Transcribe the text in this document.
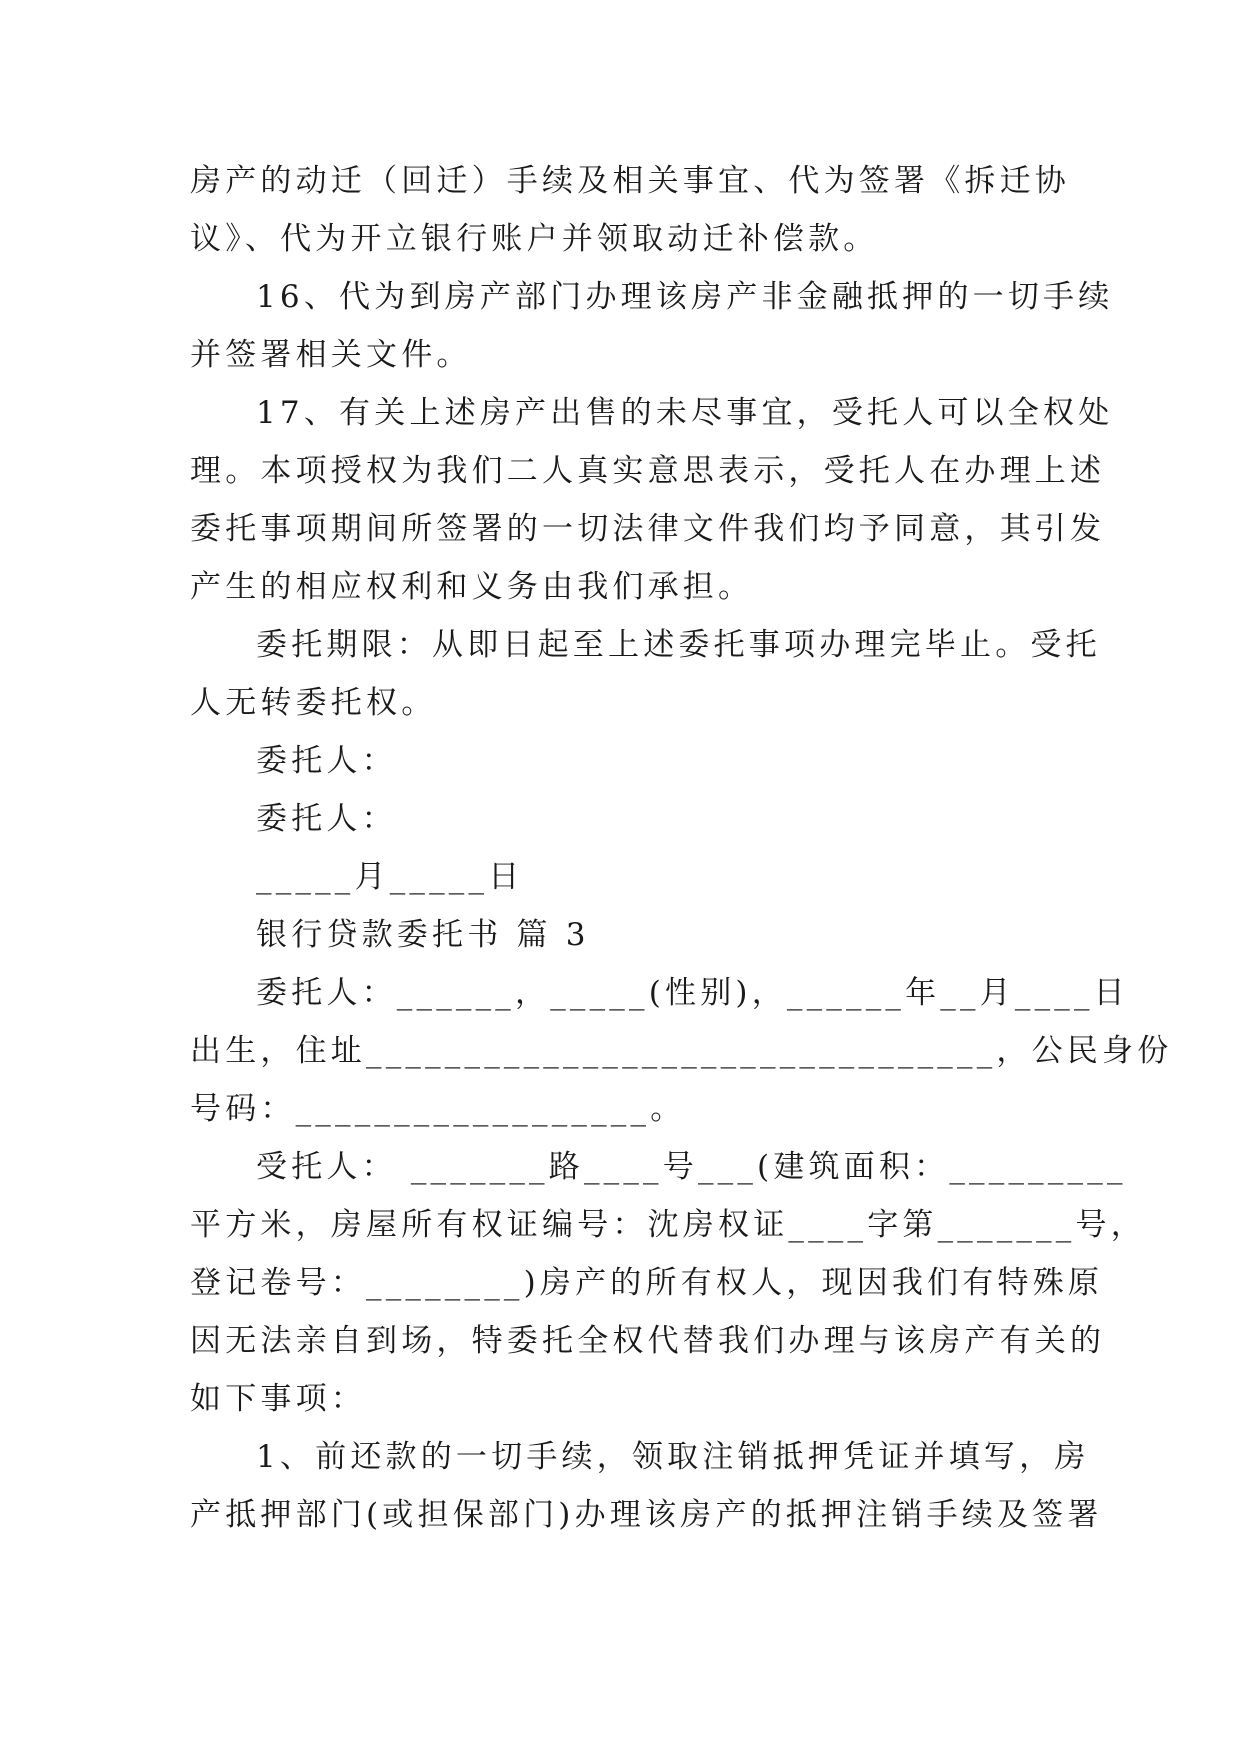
房产的动迁（回迁）手续及相关事宜、代为签署《拆迁协
议》、代为开立银行账户并领取动迁补偿款。
16、代为到房产部门办理该房产非金融抵押的一切手续
并签署相关文件。
17、有关上述房产出售的未尽事宜，受托人可以全权处
理。本项授权为我们二人真实意思表示，受托人在办理上述
委托事项期间所签署的一切法律文件我们均予同意，其引发
产生的相应权利和义务由我们承担。
委托期限：从即日起至上述委托事项办理完毕止。受托
人无转委托权。
委托人：
委托人：
_____月_____日
银行贷款委托书 篇 3
委托人：______，_____(性别)，______年__月____日
出生，住址________________________________，公民身份
号码：__________________。
受托人： _______路____号___(建筑面积：_________
平方米，房屋所有权证编号：沈房权证____字第_______号，
登记卷号：________)房产的所有权人，现因我们有特殊原
因无法亲自到场，特委托全权代替我们办理与该房产有关的
如下事项：
1、前还款的一切手续，领取注销抵押凭证并填写，房
产抵押部门(或担保部门)办理该房产的抵押注销手续及签署
